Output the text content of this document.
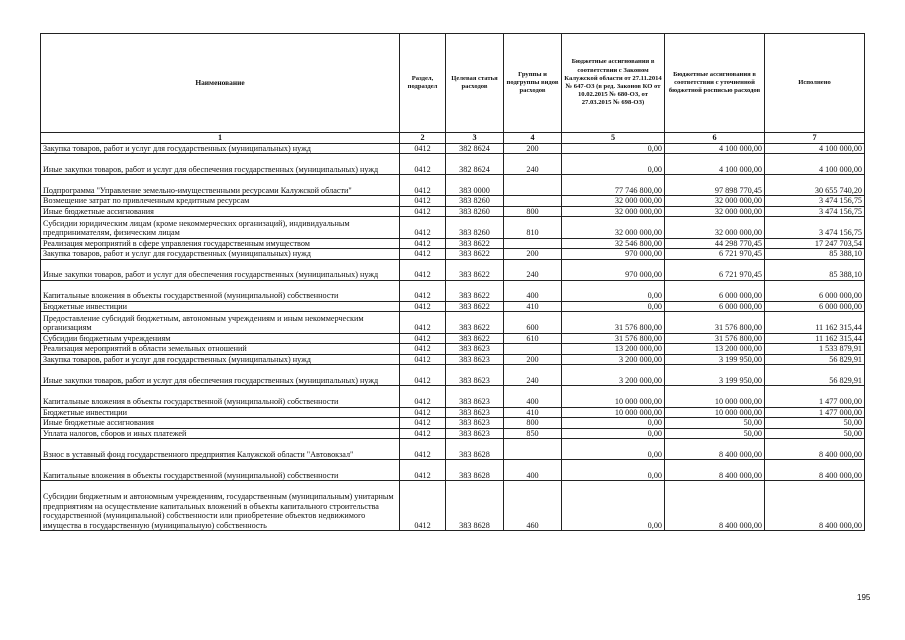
Наименование	Раздел, подраздел	Целевая статья расходов	Группы и подгруппы видов расходов	Бюджетные ассигнования в соответствии с Законом Калужской области от 27.11.2014 № 647-ОЗ (в ред. Законов КО от 10.02.2015 № 680-ОЗ, от 27.03.2015 № 698-ОЗ)	Бюджетные ассигнования в соответствии с уточненной бюджетной росписью расходов	Исполнено
1	2	3	4	5	6	7
Закупка товаров, работ и услуг для государственных (муниципальных) нужд	0412	382 8624	200	0,00	4 100 000,00	4 100 000,00
Иные закупки товаров, работ и услуг для обеспечения государственных (муниципальных) нужд	0412	382 8624	240	0,00	4 100 000,00	4 100 000,00
Подпрограмма "Управление земельно-имущественными ресурсами Калужской области"	0412	383 0000		77 746 800,00	97 898 770,45	30 655 740,20
Возмещение затрат по привлеченным кредитным ресурсам	0412	383 8260		32 000 000,00	32 000 000,00	3 474 156,75
Иные бюджетные ассигнования	0412	383 8260	800	32 000 000,00	32 000 000,00	3 474 156,75
Субсидии юридическим лицам (кроме некоммерческих организаций), индивидуальным предпринимателям, физическим лицам	0412	383 8260	810	32 000 000,00	32 000 000,00	3 474 156,75
Реализация мероприятий в сфере управления государственным имуществом	0412	383 8622		32 546 800,00	44 298 770,45	17 247 703,54
Закупка товаров, работ и услуг для государственных (муниципальных) нужд	0412	383 8622	200	970 000,00	6 721 970,45	85 388,10
Иные закупки товаров, работ и услуг для обеспечения государственных (муниципальных) нужд	0412	383 8622	240	970 000,00	6 721 970,45	85 388,10
Капитальные вложения в объекты государственной (муниципальной) собственности	0412	383 8622	400	0,00	6 000 000,00	6 000 000,00
Бюджетные инвестиции	0412	383 8622	410	0,00	6 000 000,00	6 000 000,00
Предоставление субсидий бюджетным, автономным учреждениям и иным некоммерческим организациям	0412	383 8622	600	31 576 800,00	31 576 800,00	11 162 315,44
Субсидии бюджетным учреждениям	0412	383 8622	610	31 576 800,00	31 576 800,00	11 162 315,44
Реализация мероприятий в области земельных отношений	0412	383 8623		13 200 000,00	13 200 000,00	1 533 879,91
Закупка товаров, работ и услуг для государственных (муниципальных) нужд	0412	383 8623	200	3 200 000,00	3 199 950,00	56 829,91
Иные закупки товаров, работ и услуг для обеспечения государственных (муниципальных) нужд	0412	383 8623	240	3 200 000,00	3 199 950,00	56 829,91
Капитальные вложения в объекты государственной (муниципальной) собственности	0412	383 8623	400	10 000 000,00	10 000 000,00	1 477 000,00
Бюджетные инвестиции	0412	383 8623	410	10 000 000,00	10 000 000,00	1 477 000,00
Иные бюджетные ассигнования	0412	383 8623	800	0,00	50,00	50,00
Уплата налогов, сборов и иных платежей	0412	383 8623	850	0,00	50,00	50,00
Взнос в уставный фонд государственного предприятия Калужской области "Автовокзал"	0412	383 8628		0,00	8 400 000,00	8 400 000,00
Капитальные вложения в объекты государственной (муниципальной) собственности	0412	383 8628	400	0,00	8 400 000,00	8 400 000,00
Субсидии бюджетным и автономным учреждениям, государственным (муниципальным) унитарным предприятиям на осуществление капитальных вложений в объекты капитального строительства государственной (муниципальной) собственности или приобретение объектов недвижимого имущества в государственную (муниципальную) собственность	0412	383 8628	460	0,00	8 400 000,00	8 400 000,00
195
